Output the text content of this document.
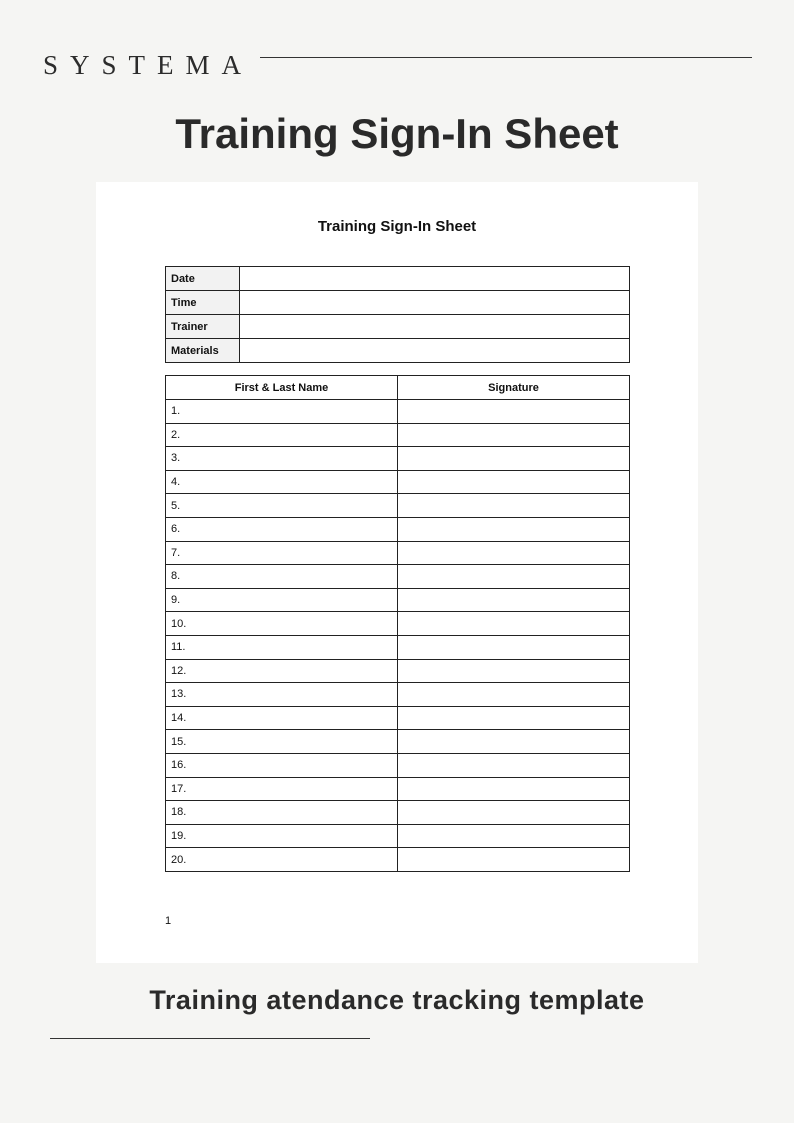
SYSTEMA
Training Sign-In Sheet
Training Sign-In Sheet
Date	
Time	
Trainer	
Materials	
First & Last Name	Signature
1.	
2.	
3.	
4.	
5.	
6.	
7.	
8.	
9.	
10.	
11.	
12.	
13.	
14.	
15.	
16.	
17.	
18.	
19.	
20.	
1
Training atendance tracking template
